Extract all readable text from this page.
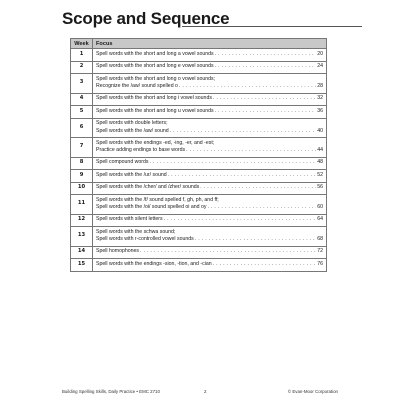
Scope and Sequence
Week	Focus
1	Spell words with the short and long a vowel sounds . . . 20

2	Spell words with the short and long e vowel sounds . . . 24

3	Spell words with the short and long o vowel sounds;
Recognize the /aw/ sound spelled o . . . 28

4	Spell words with the short and long i vowel sounds . . . 32

5	Spell words with the short and long u vowel sounds . . . 36

6	Spell words with double letters;
Spell words with the /aw/ sound . . . 40

7	Spell words with the endings -ed, -ing, -er, and -est;
Practice adding endings to base words . . . 44

8	Spell compound words . . . 48

9	Spell words with the /ur/ sound . . . 52

10	Spell words with the /cher/ and /zher/ sounds . . . 56

11	Spell words with the /f/ sound spelled f, gh, ph, and ff;
Spell words with the /oi/ sound spelled oi and oy . . . 60

12	Spell words with silent letters . . . 64

13	Spell words with the schwa sound;
Spell words with r-controlled vowel sounds . . . 68

14	Spell homophones . . . 72

15	Spell words with the endings -sion, -tion, and -cian . . . 76
Building Spelling Skills, Daily Practice • EMC 2710	2	© Evan-Moor Corporation
